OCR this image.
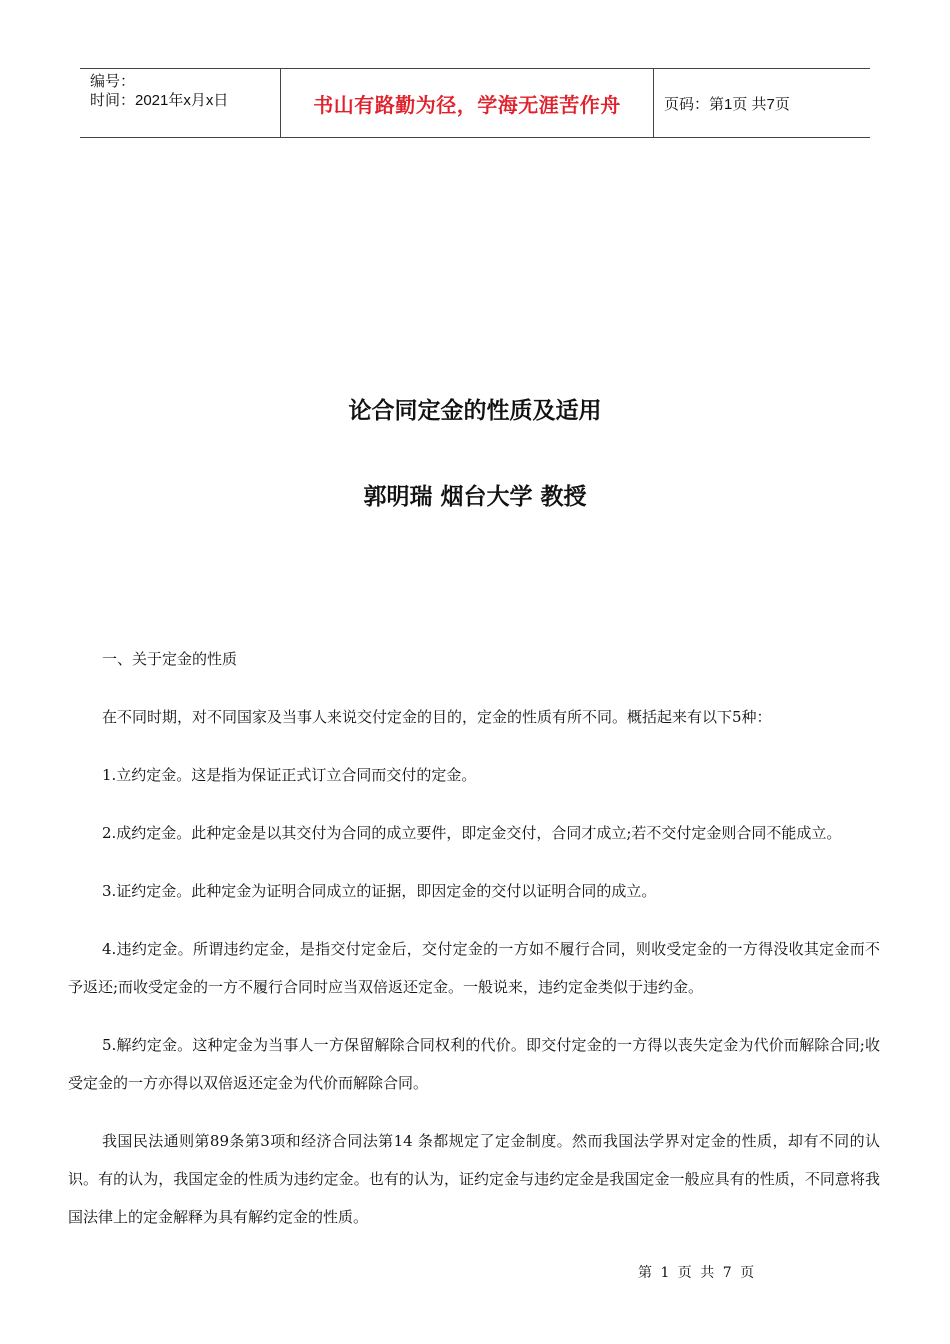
编号：
时间：2021年x月x日	书山有路勤为径，学海无涯苦作舟	页码：第1页 共7页
论合同定金的性质及适用
郭明瑞 烟台大学 教授

一、关于定金的性质

在不同时期，对不同国家及当事人来说交付定金的目的，定金的性质有所不同。概括起来有以下5种：

1.立约定金。这是指为保证正式订立合同而交付的定金。

2.成约定金。此种定金是以其交付为合同的成立要件，即定金交付，合同才成立;若不交付定金则合同不能成立。

3.证约定金。此种定金为证明合同成立的证据，即因定金的交付以证明合同的成立。

4.违约定金。所谓违约定金，是指交付定金后，交付定金的一方如不履行合同，则收受定金的一方得没收其定金而不予返还;而收受定金的一方不履行合同时应当双倍返还定金。一般说来，违约定金类似于违约金。

5.解约定金。这种定金为当事人一方保留解除合同权利的代价。即交付定金的一方得以丧失定金为代价而解除合同;收受定金的一方亦得以双倍返还定金为代价而解除合同。

我国民法通则第89条第3项和经济合同法第14 条都规定了定金制度。然而我国法学界对定金的性质，却有不同的认识。有的认为，我国定金的性质为违约定金。也有的认为，证约定金与违约定金是我国定金一般应具有的性质，不同意将我国法律上的定金解释为具有解约定金的性质。

第 1 页 共 7 页
